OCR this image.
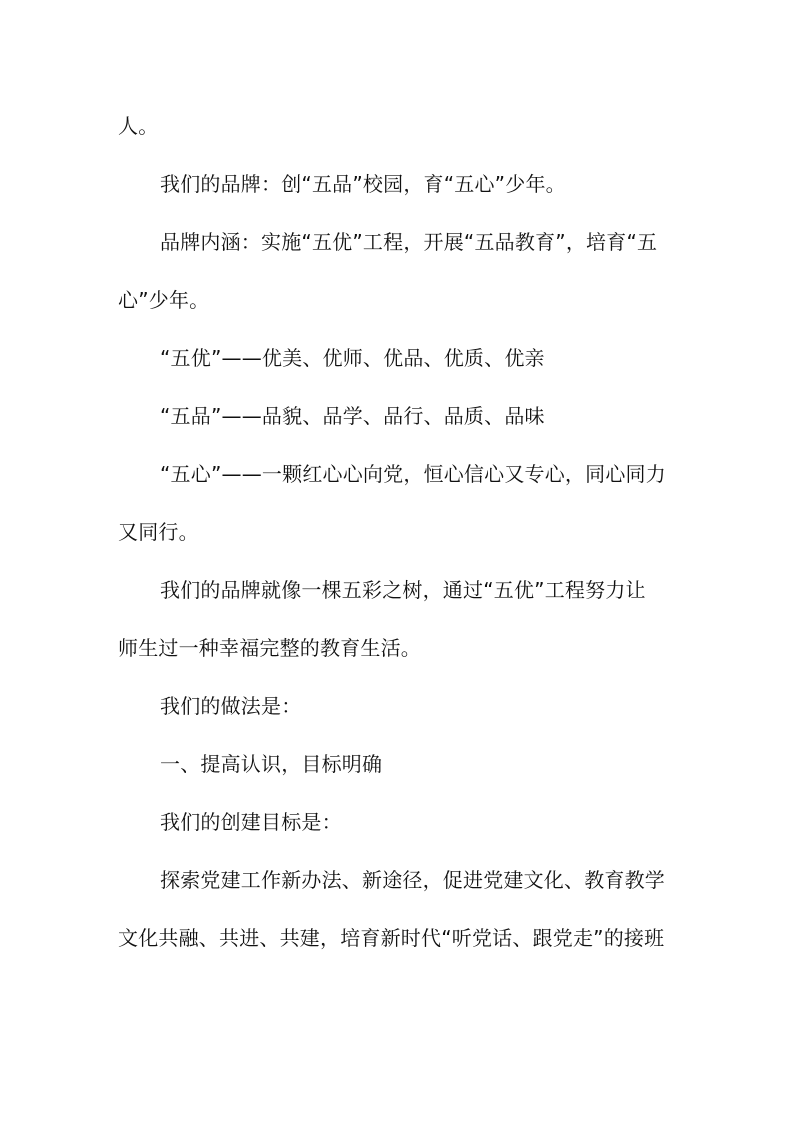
人。
我们的品牌：创“五品”校园，育“五心”少年。
品牌内涵：实施“五优”工程，开展“五品教育”，培育“五
心”少年。
“五优”——优美、优师、优品、优质、优亲
“五品”——品貌、品学、品行、品质、品味
“五心”——一颗红心心向党，恒心信心又专心，同心同力
又同行。
我们的品牌就像一棵五彩之树，通过“五优”工程努力让
师生过一种幸福完整的教育生活。
我们的做法是：
一、提高认识，目标明确
我们的创建目标是：
探索党建工作新办法、新途径，促进党建文化、教育教学
文化共融、共进、共建，培育新时代“听党话、跟党走”的接班
